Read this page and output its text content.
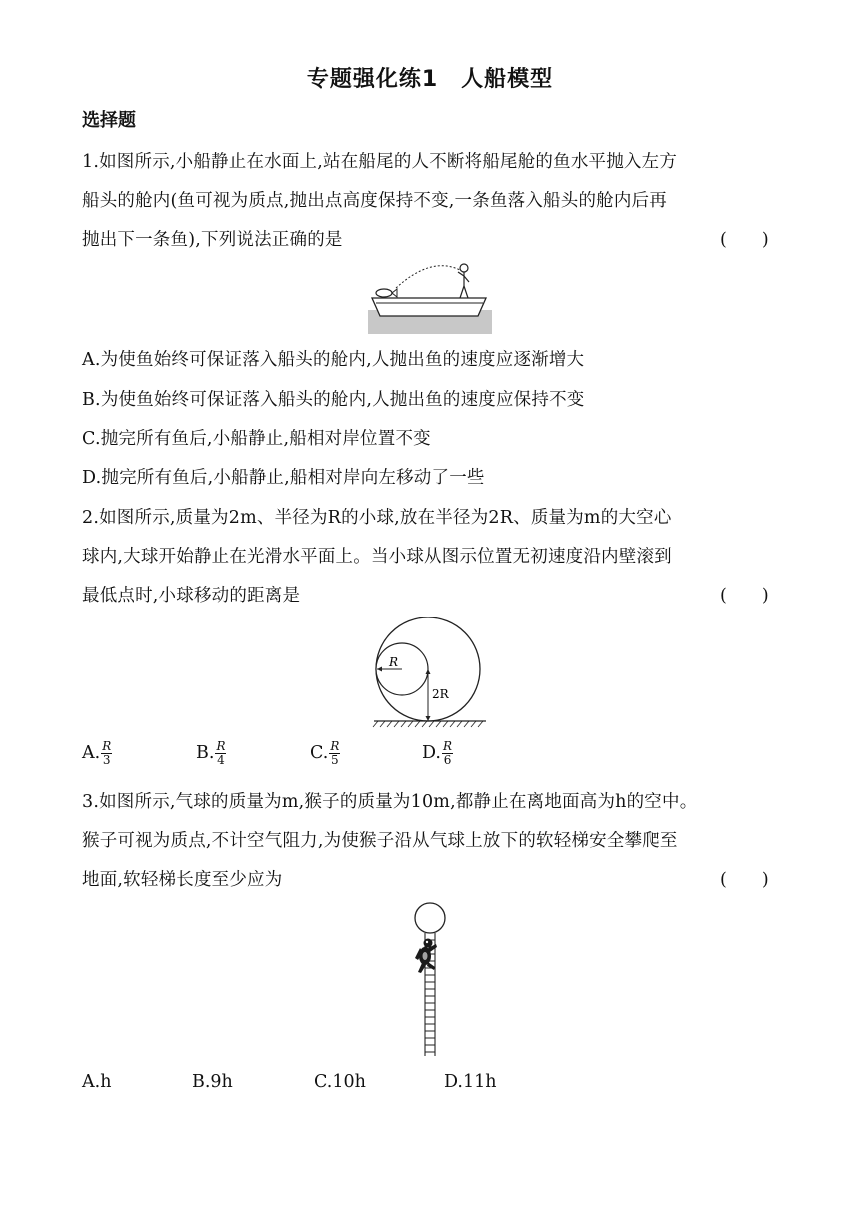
专题强化练1　人船模型
选择题
1.如图所示,小船静止在水面上,站在船尾的人不断将船尾舱的鱼水平抛入左方
船头的舱内(鱼可视为质点,抛出点高度保持不变,一条鱼落入船头的舱内后再
抛出下一条鱼),下列说法正确的是	(　　)
A.为使鱼始终可保证落入船头的舱内,人抛出鱼的速度应逐渐增大
B.为使鱼始终可保证落入船头的舱内,人抛出鱼的速度应保持不变
C.抛完所有鱼后,小船静止,船相对岸位置不变
D.抛完所有鱼后,小船静止,船相对岸向左移动了一些
2.如图所示,质量为2m、半径为R的小球,放在半径为2R、质量为m的大空心
球内,大球开始静止在光滑水平面上。当小球从图示位置无初速度沿内壁滚到
最低点时,小球移动的距离是	(　　)
R
2R
A. $\frac{R}{3}$	B. $\frac{R}{4}$	C. $\frac{R}{5}$	D. $\frac{R}{6}$
3.如图所示,气球的质量为m,猴子的质量为10m,都静止在离地面高为h的空中。
猴子可视为质点,不计空气阻力,为使猴子沿从气球上放下的软轻梯安全攀爬至
地面,软轻梯长度至少应为	(　　)
A.h	B.9h	C.10h	D.11h
